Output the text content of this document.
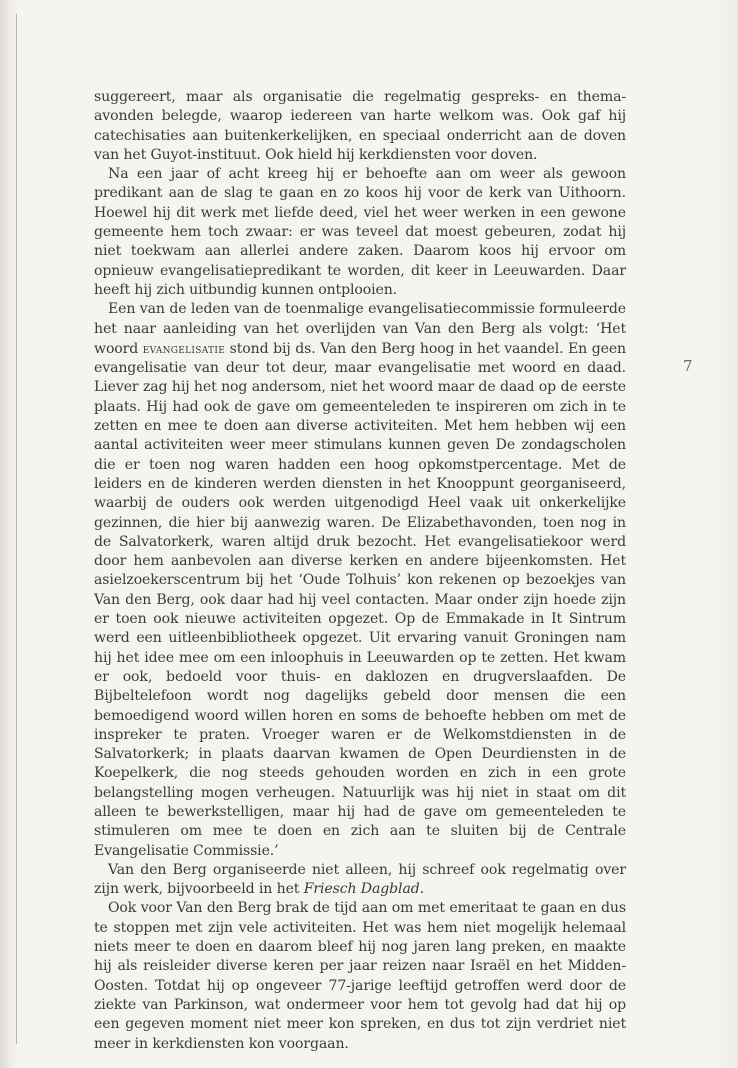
suggereert, maar als organisatie die regelmatig gespreks- en thema-avonden belegde, waarop iedereen van harte welkom was. Ook gaf hij catechisaties aan buitenkerkelijken, en speciaal onderricht aan de doven van het Guyot-instituut. Ook hield hij kerkdiensten voor doven.

Na een jaar of acht kreeg hij er behoefte aan om weer als gewoon predikant aan de slag te gaan en zo koos hij voor de kerk van Uithoorn. Hoewel hij dit werk met liefde deed, viel het weer werken in een gewone gemeente hem toch zwaar: er was teveel dat moest gebeuren, zodat hij niet toekwam aan allerlei andere zaken. Daarom koos hij ervoor om opnieuw evangelisatiepredikant te worden, dit keer in Leeuwarden. Daar heeft hij zich uitbundig kunnen ontplooien.

Een van de leden van de toenmalige evangelisatiecommissie formuleerde het naar aanleiding van het overlijden van Van den Berg als volgt: ‘Het woord evangelisatie stond bij ds. Van den Berg hoog in het vaandel. En geen evangelisatie van deur tot deur, maar evangelisatie met woord en daad. Liever zag hij het nog andersom, niet het woord maar de daad op de eerste plaats. Hij had ook de gave om gemeenteleden te inspireren om zich in te zetten en mee te doen aan diverse activiteiten. Met hem hebben wij een aantal activiteiten weer meer stimulans kunnen geven De zondagscholen die er toen nog waren hadden een hoog opkomstpercentage. Met de leiders en de kinderen werden diensten in het Knooppunt georganiseerd, waarbij de ouders ook werden uitgenodigd Heel vaak uit onkerkelijke gezinnen, die hier bij aanwezig waren. De Elizabethavonden, toen nog in de Salvatorkerk, waren altijd druk bezocht. Het evangelisatiekoor werd door hem aanbevolen aan diverse kerken en andere bijeenkomsten. Het asielzoekerscentrum bij het ‘Oude Tolhuis’ kon rekenen op bezoekjes van Van den Berg, ook daar had hij veel contacten. Maar onder zijn hoede zijn er toen ook nieuwe activiteiten opgezet. Op de Emmakade in It Sintrum werd een uitleenbibliotheek opgezet. Uit ervaring vanuit Groningen nam hij het idee mee om een inloophuis in Leeuwarden op te zetten. Het kwam er ook, bedoeld voor thuis- en daklozen en drugverslaafden. De Bijbeltelefoon wordt nog dagelijks gebeld door mensen die een bemoedigend woord willen horen en soms de behoefte hebben om met de inspreker te praten. Vroeger waren er de Welkomstdiensten in de Salvatorkerk; in plaats daarvan kwamen de Open Deurdiensten in de Koepelkerk, die nog steeds gehouden worden en zich in een grote belangstelling mogen verheugen. Natuurlijk was hij niet in staat om dit alleen te bewerkstelligen, maar hij had de gave om gemeenteleden te stimuleren om mee te doen en zich aan te sluiten bij de Centrale Evangelisatie Commissie.’

Van den Berg organiseerde niet alleen, hij schreef ook regelmatig over zijn werk, bijvoorbeeld in het Friesch Dagblad.

Ook voor Van den Berg brak de tijd aan om met emeritaat te gaan en dus te stoppen met zijn vele activiteiten. Het was hem niet mogelijk helemaal niets meer te doen en daarom bleef hij nog jaren lang preken, en maakte hij als reisleider diverse keren per jaar reizen naar Israël en het Midden-Oosten. Totdat hij op ongeveer 77-jarige leeftijd getroffen werd door de ziekte van Parkinson, wat ondermeer voor hem tot gevolg had dat hij op een gegeven moment niet meer kon spreken, en dus tot zijn verdriet niet meer in kerkdiensten kon voorgaan.

7
